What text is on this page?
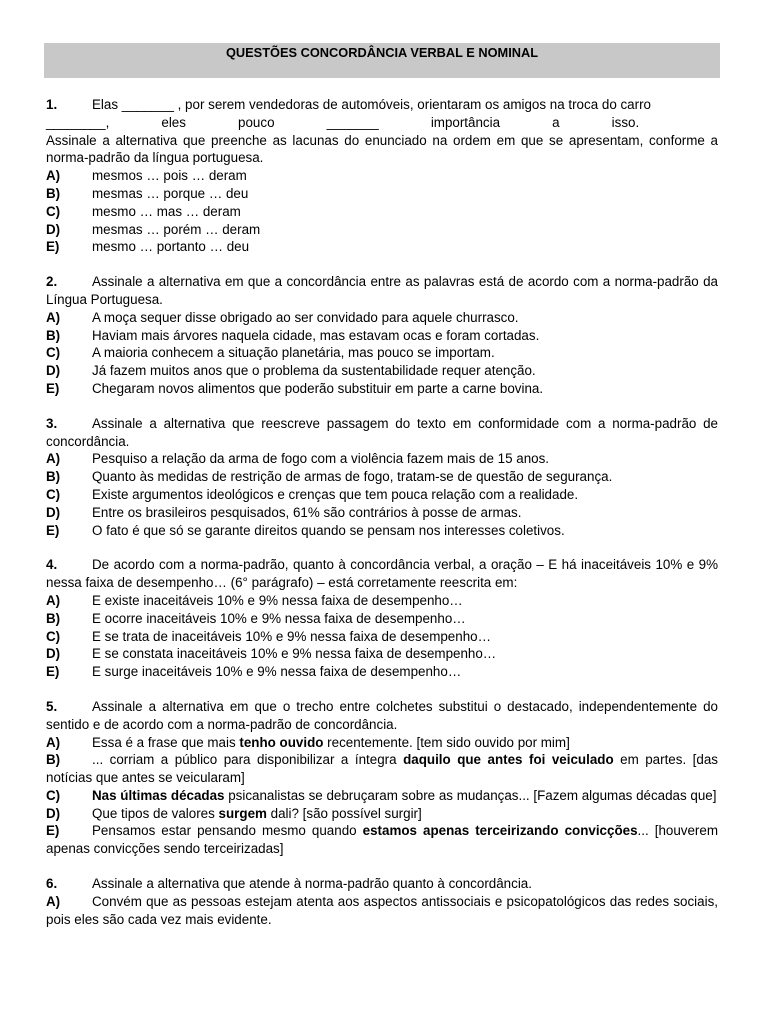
QUESTÕES CONCORDÂNCIA VERBAL E NOMINAL
1.	Elas _______ , por serem vendedoras de automóveis, orientaram os amigos na troca do carro
________,              eles              pouco              _______              importância              a              isso.
Assinale a alternativa que preenche as lacunas do enunciado na ordem em que se apresentam, conforme a norma-padrão da língua portuguesa.
A)	mesmos … pois … deram
B)	mesmas … porque … deu
C)	mesmo … mas … deram
D)	mesmas … porém … deram
E)	mesmo … portanto … deu
2.	Assinale a alternativa em que a concordância entre as palavras está de acordo com a norma-padrão da Língua Portuguesa.
A)	A moça sequer disse obrigado ao ser convidado para aquele churrasco.
B)	Haviam mais árvores naquela cidade, mas estavam ocas e foram cortadas.
C)	A maioria conhecem a situação planetária, mas pouco se importam.
D)	Já fazem muitos anos que o problema da sustentabilidade requer atenção.
E)	Chegaram novos alimentos que poderão substituir em parte a carne bovina.
3.	Assinale a alternativa que reescreve passagem do texto em conformidade com a norma-padrão de concordância.
A)	Pesquiso a relação da arma de fogo com a violência fazem mais de 15 anos.
B)	Quanto às medidas de restrição de armas de fogo, tratam-se de questão de segurança.
C)	Existe argumentos ideológicos e crenças que tem pouca relação com a realidade.
D)	Entre os brasileiros pesquisados, 61% são contrários à posse de armas.
E)	O fato é que só se garante direitos quando se pensam nos interesses coletivos.
4.	De acordo com a norma-padrão, quanto à concordância verbal, a oração – E há inaceitáveis 10% e 9% nessa faixa de desempenho… (6° parágrafo) – está corretamente reescrita em:
A)	E existe inaceitáveis 10% e 9% nessa faixa de desempenho…
B)	E ocorre inaceitáveis 10% e 9% nessa faixa de desempenho…
C)	E se trata de inaceitáveis 10% e 9% nessa faixa de desempenho…
D)	E se constata inaceitáveis 10% e 9% nessa faixa de desempenho…
E)	E surge inaceitáveis 10% e 9% nessa faixa de desempenho…
5.	Assinale a alternativa em que o trecho entre colchetes substitui o destacado, independentemente do sentido e de acordo com a norma-padrão de concordância.
A) Essa é a frase que mais tenho ouvido recentemente. [tem sido ouvido por mim]
B) ... corriam a público para disponibilizar a íntegra daquilo que antes foi veiculado em partes. [das notícias que antes se veicularam]
C) Nas últimas décadas psicanalistas se debruçaram sobre as mudanças... [Fazem algumas décadas que]
D) Que tipos de valores surgem dali? [são possível surgir]
E) Pensamos estar pensando mesmo quando estamos apenas terceirizando convicções... [houverem apenas convicções sendo terceirizadas]
6.	Assinale a alternativa que atende à norma-padrão quanto à concordância.
A) Convém que as pessoas estejam atenta aos aspectos antissociais e psicopatológicos das redes sociais, pois eles são cada vez mais evidente.
